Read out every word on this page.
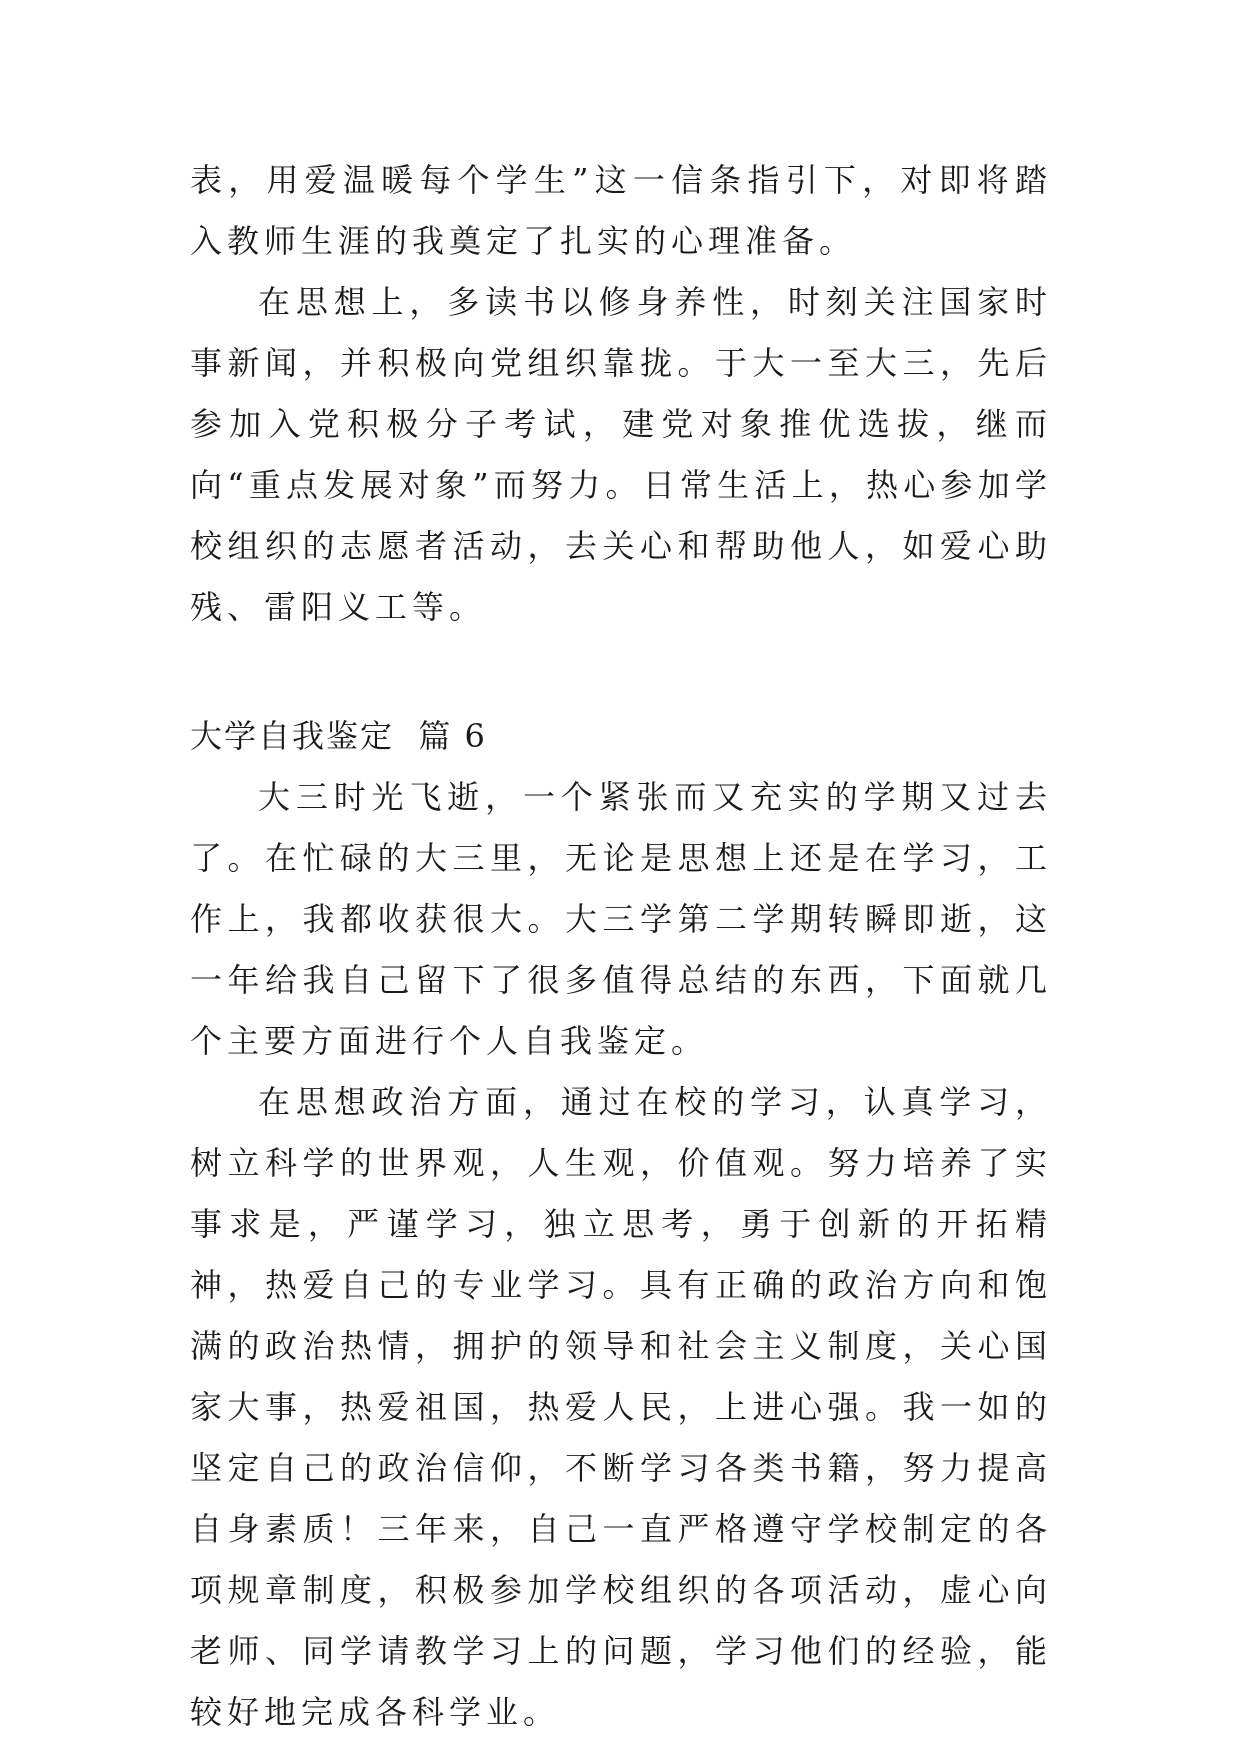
表，用爱温暖每个学生”这一信条指引下，对即将踏入教师生涯的我奠定了扎实的心理准备。

在思想上，多读书以修身养性，时刻关注国家时事新闻，并积极向党组织靠拢。于大一至大三，先后参加入党积极分子考试，建党对象推优选拔，继而向“重点发展对象”而努力。日常生活上，热心参加学校组织的志愿者活动，去关心和帮助他人，如爱心助残、雷阳义工等。

大学自我鉴定  篇 6

大三时光飞逝，一个紧张而又充实的学期又过去了。在忙碌的大三里，无论是思想上还是在学习，工作上，我都收获很大。大三学第二学期转瞬即逝，这一年给我自己留下了很多值得总结的东西，下面就几个主要方面进行个人自我鉴定。

在思想政治方面，通过在校的学习，认真学习，树立科学的世界观，人生观，价值观。努力培养了实事求是，严谨学习，独立思考，勇于创新的开拓精神，热爱自己的专业学习。具有正确的政治方向和饱满的政治热情，拥护的领导和社会主义制度，关心国家大事，热爱祖国，热爱人民，上进心强。我一如的坚定自己的政治信仰，不断学习各类书籍，努力提高自身素质！三年来，自己一直严格遵守学校制定的各项规章制度，积极参加学校组织的各项活动，虚心向老师、同学请教学习上的问题，学习他们的经验，能较好地完成各科学业。
